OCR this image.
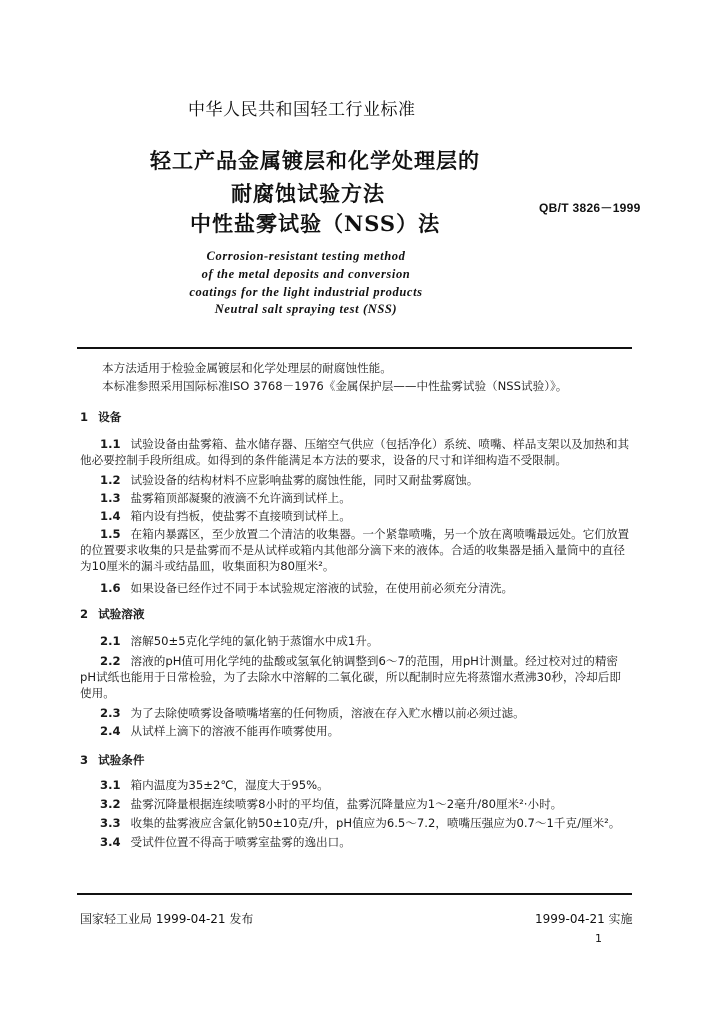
中华人民共和国轻工行业标准
轻工产品金属镀层和化学处理层的
耐腐蚀试验方法
中性盐雾试验（NSS）法
QB/T 3826－1999
Corrosion-resistant testing method
of the metal deposits and conversion
coatings for the light industrial products
Neutral salt spraying test (NSS)
本方法适用于检验金属镀层和化学处理层的耐腐蚀性能。
本标准参照采用国际标准ISO 3768－1976《金属保护层——中性盐雾试验（NSS试验）》。
1 设备
1.1 试验设备由盐雾箱、盐水储存器、压缩空气供应（包括净化）系统、喷嘴、样品支架以及加热和其他必要控制手段所组成。如得到的条件能满足本方法的要求，设备的尺寸和详细构造不受限制。
1.2 试验设备的结构材料不应影响盐雾的腐蚀性能，同时又耐盐雾腐蚀。
1.3 盐雾箱顶部凝聚的液滴不允许滴到试样上。
1.4 箱内设有挡板，使盐雾不直接喷到试样上。
1.5 在箱内暴露区，至少放置二个清洁的收集器。一个紧靠喷嘴，另一个放在离喷嘴最远处。它们放置的位置要求收集的只是盐雾而不是从试样或箱内其他部分滴下来的液体。合适的收集器是插入量筒中的直径为10厘米的漏斗或结晶皿，收集面积为80厘米²。
1.6 如果设备已经作过不同于本试验规定溶液的试验，在使用前必须充分清洗。
2 试验溶液
2.1 溶解50±5克化学纯的氯化钠于蒸馏水中成1升。
2.2 溶液的pH值可用化学纯的盐酸或氢氧化钠调整到6～7的范围，用pH计测量。经过校对过的精密pH试纸也能用于日常检验，为了去除水中溶解的二氧化碳，所以配制时应先将蒸馏水煮沸30秒，冷却后即使用。
2.3 为了去除使喷雾设备喷嘴堵塞的任何物质，溶液在存入贮水槽以前必须过滤。
2.4 从试样上滴下的溶液不能再作喷雾使用。
3 试验条件
3.1 箱内温度为35±2℃，湿度大于95%。
3.2 盐雾沉降量根据连续喷雾8小时的平均值，盐雾沉降量应为1～2毫升/80厘米²·小时。
3.3 收集的盐雾液应含氯化钠50±10克/升，pH值应为6.5～7.2，喷嘴压强应为0.7～1千克/厘米²。
3.4 受试件位置不得高于喷雾室盐雾的逸出口。
国家轻工业局 1999-04-21 发布	1999-04-21 实施
1
